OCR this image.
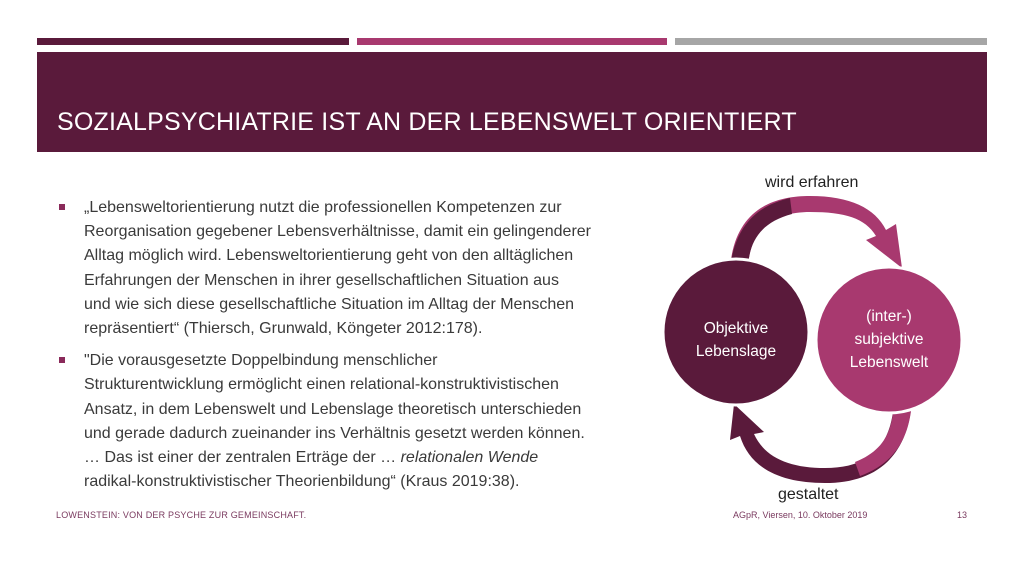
SOZIALPSYCHIATRIE IST AN DER LEBENSWELT ORIENTIERT
„Lebensweltorientierung nutzt die professionellen Kompetenzen zur
Reorganisation gegebener Lebensverhältnisse, damit ein gelingenderer
Alltag möglich wird. Lebensweltorientierung geht von den alltäglichen
Erfahrungen der Menschen in ihrer gesellschaftlichen Situation aus
und wie sich diese gesellschaftliche Situation im Alltag der Menschen
repräsentiert“ (Thiersch, Grunwald, Köngeter 2012:178).
"Die vorausgesetzte Doppelbindung menschlicher
Strukturentwicklung ermöglicht einen relational-konstruktivistischen
Ansatz, in dem Lebenswelt und Lebenslage theoretisch unterschieden
und gerade dadurch zueinander ins Verhältnis gesetzt werden können.
… Das ist einer der zentralen Erträge der … relationalen Wende
radikal-konstruktivistischer Theorienbildung“ (Kraus 2019:38).
wird erfahren
gestaltet
Objektive
Lebenslage
(inter-)
subjektive
Lebenswelt
LOWENSTEIN: VON DER PSYCHE ZUR GEMEINSCHAFT.	AGpR, Viersen, 10. Oktober 2019	13
